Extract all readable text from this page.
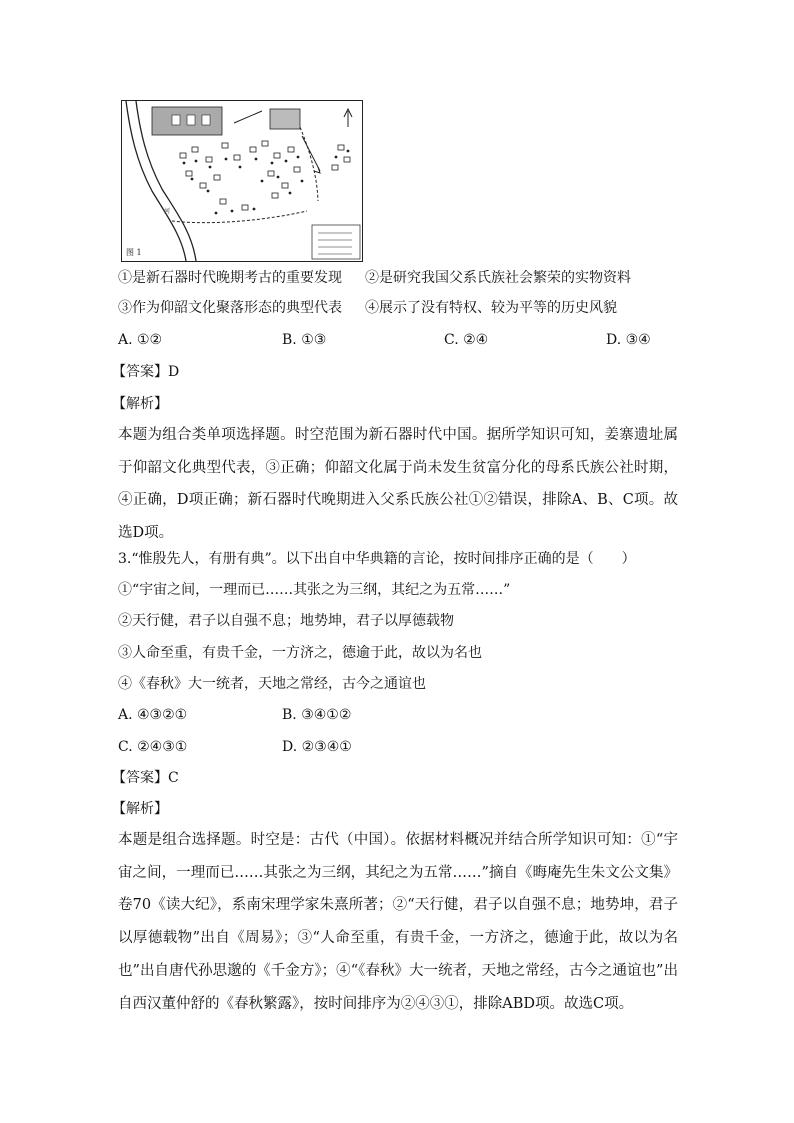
河
图 1
①是新石器时代晚期考古的重要发现 ②是研究我国父系氏族社会繁荣的实物资料
③作为仰韶文化聚落形态的典型代表 ④展示了没有特权、较为平等的历史风貌
A. ①②	B. ①③	C. ②④	D. ③④
【答案】D
【解析】
本题为组合类单项选择题。时空范围为新石器时代中国。据所学知识可知，姜寨遗址属于仰韶文化典型代表，③正确；仰韶文化属于尚未发生贫富分化的母系氏族公社时期，④正确，D项正确；新石器时代晚期进入父系氏族公社①②错误，排除A、B、C项。故选D项。
3.“惟殷先人，有册有典”。以下出自中华典籍的言论，按时间排序正确的是（　　）
①“宇宙之间，一理而已……其张之为三纲，其纪之为五常……”
②天行健，君子以自强不息；地势坤，君子以厚德载物
③人命至重，有贵千金，一方济之，德逾于此，故以为名也
④《春秋》大一统者，天地之常经，古今之通谊也
A. ④③②①	B. ③④①②
C. ②④③①	D. ②③④①
【答案】C
【解析】
本题是组合选择题。时空是：古代（中国）。依据材料概况并结合所学知识可知：①“宇宙之间，一理而已……其张之为三纲，其纪之为五常……”摘自《晦庵先生朱文公文集》卷70《读大纪》，系南宋理学家朱熹所著；②“天行健，君子以自强不息；地势坤，君子以厚德载物”出自《周易》；③“人命至重，有贵千金，一方济之，德逾于此，故以为名也”出自唐代孙思邈的《千金方》；④“《春秋》大一统者，天地之常经，古今之通谊也”出自西汉董仲舒的《春秋繁露》，按时间排序为②④③①，排除ABD项。故选C项。
